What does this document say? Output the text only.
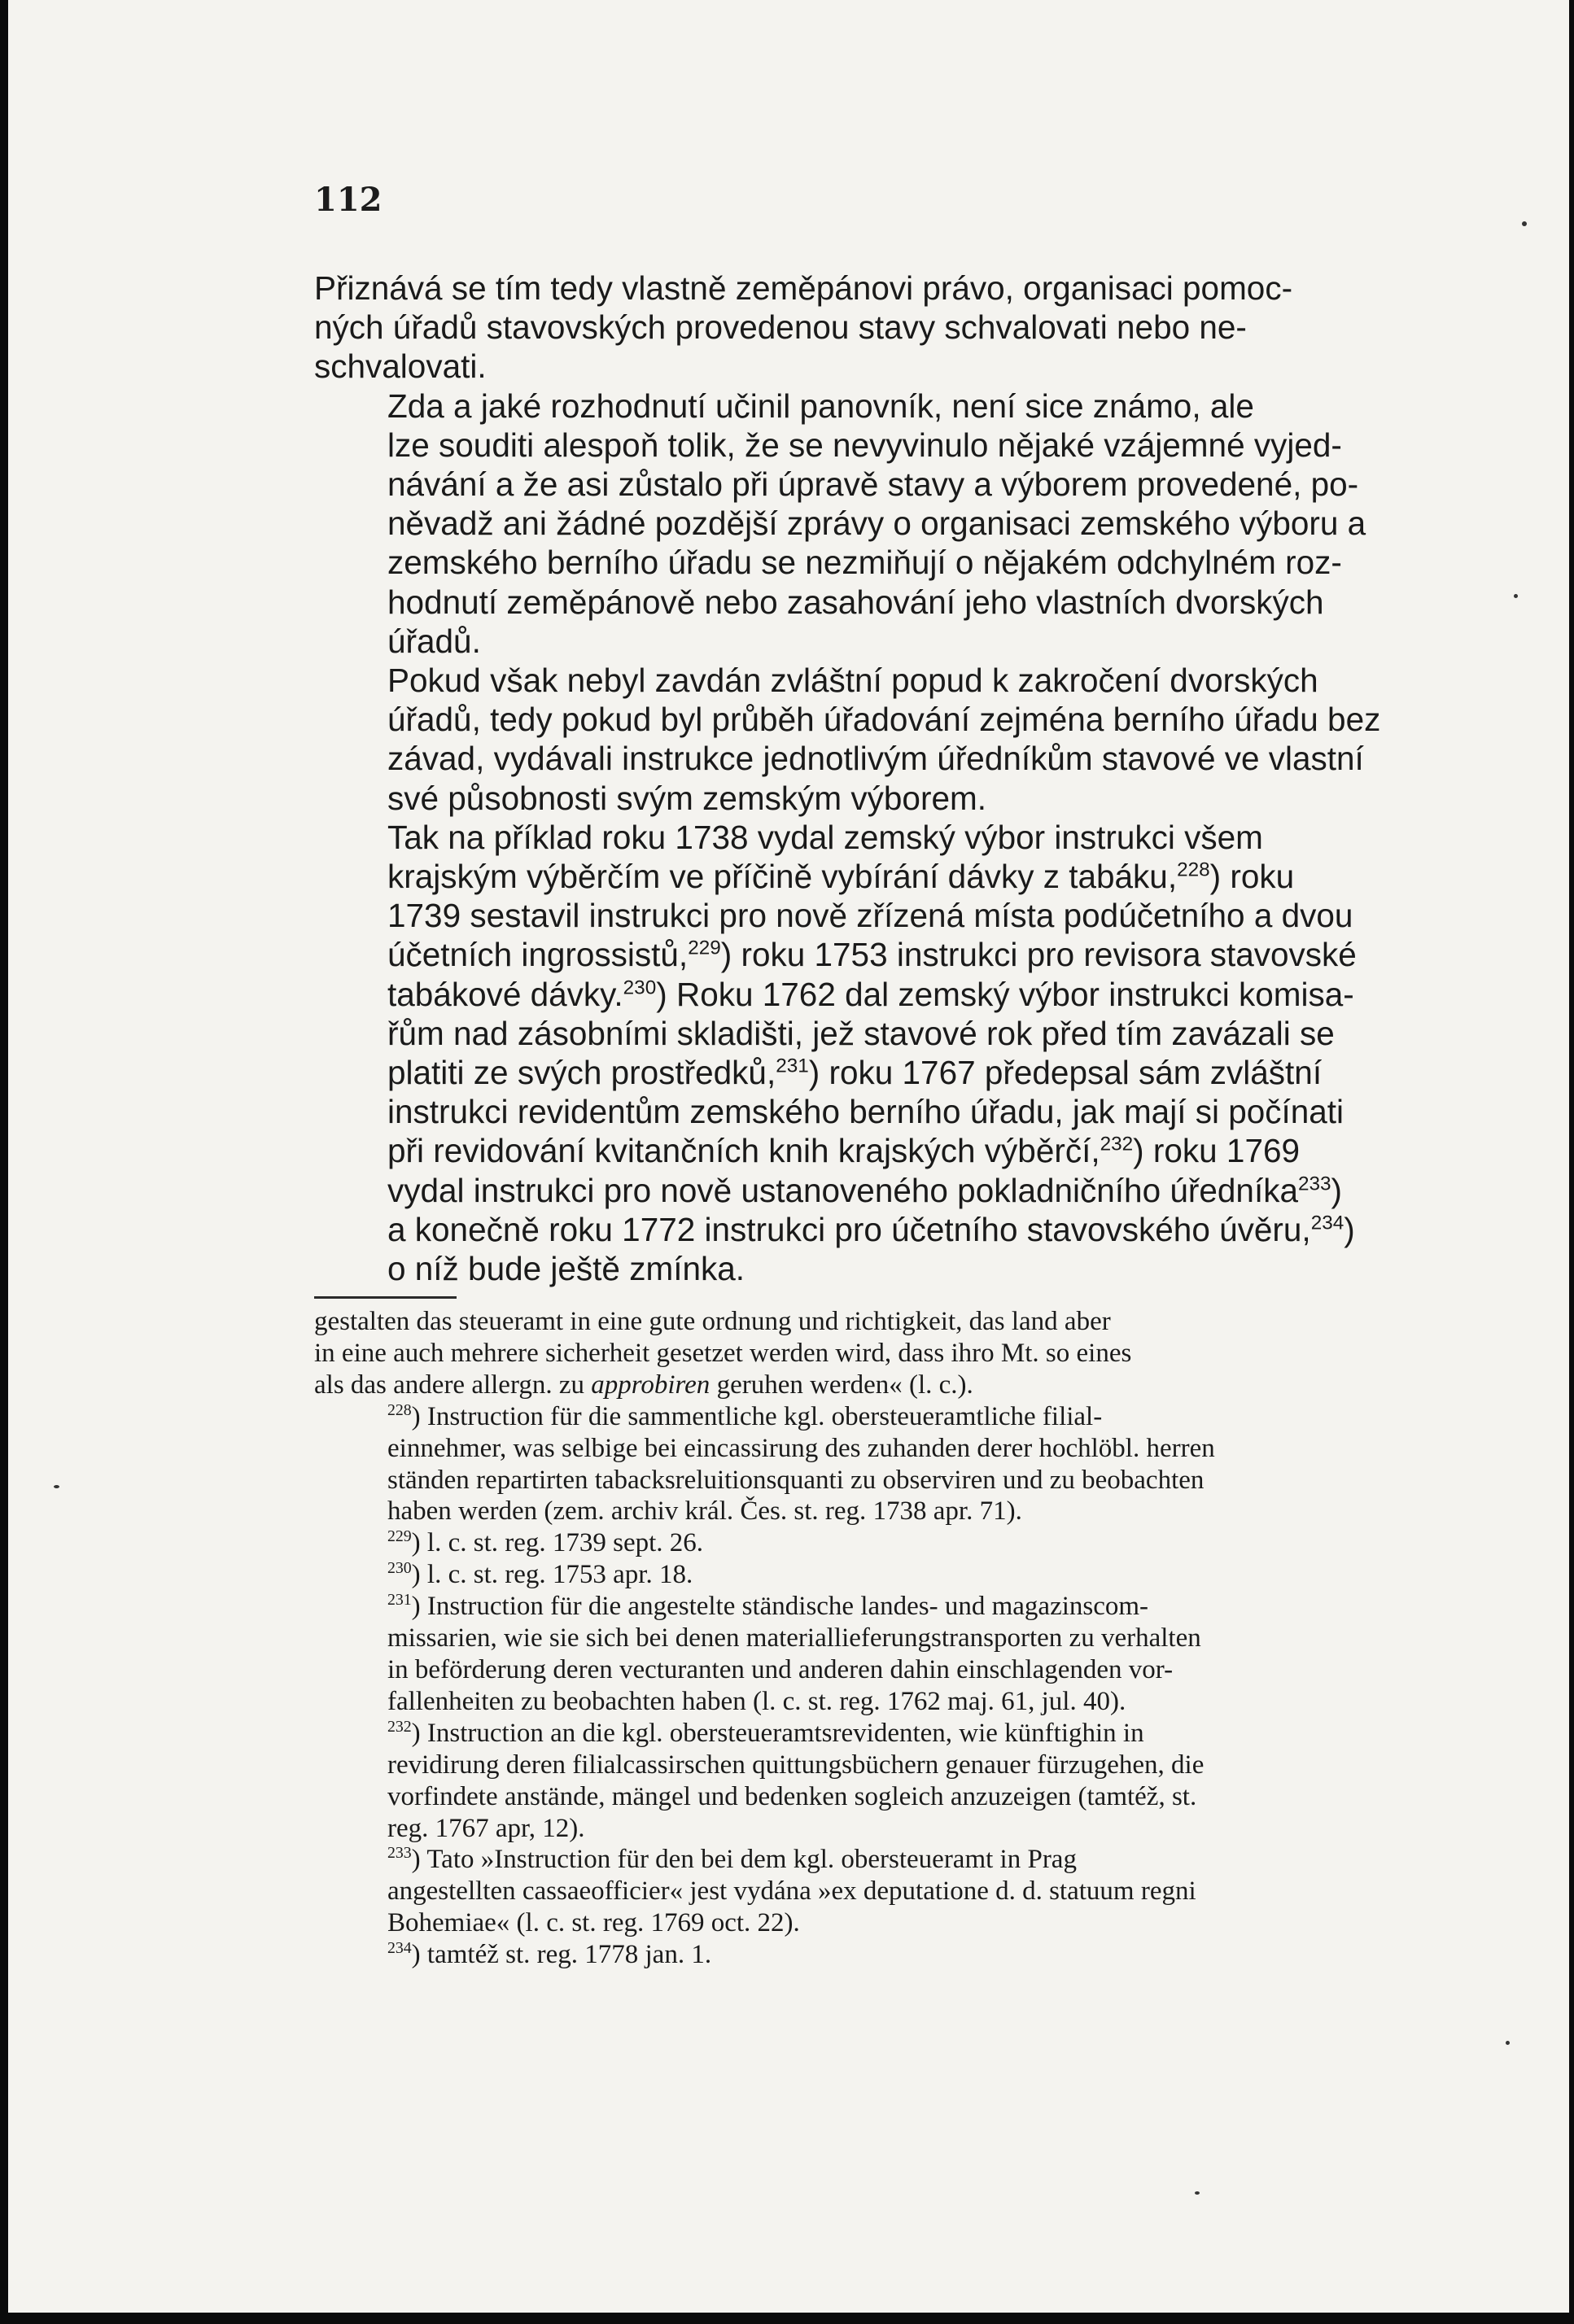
112

Přiznává se tím tedy vlastně zeměpánovi právo, organisaci pomoc-
ných úřadů stavovských provedenou stavy schvalovati nebo ne-
schvalovati.

Zda a jaké rozhodnutí učinil panovník, není sice známo, ale
lze souditi alespoň tolik, že se nevyvinulo nějaké vzájemné vyjed-
návání a že asi zůstalo při úpravě stavy a výborem provedené, po-
něvadž ani žádné pozdější zprávy o organisaci zemského výboru a
zemského berního úřadu se nezmiňují o nějakém odchylném roz-
hodnutí zeměpánově nebo zasahování jeho vlastních dvorských
úřadů.

Pokud však nebyl zavdán zvláštní popud k zakročení dvorských
úřadů, tedy pokud byl průběh úřadování zejména berního úřadu bez
závad, vydávali instrukce jednotlivým úředníkům stavové ve vlastní
své působnosti svým zemským výborem.

Tak na příklad roku 1738 vydal zemský výbor instrukci všem
krajským výběrčím ve příčině vybírání dávky z tabáku,$^{228}$) roku
1739 sestavil instrukci pro nově zřízená místa podúčetního a dvou
účetních ingrossistů,$^{229}$) roku 1753 instrukci pro revisora stavovské
tabákové dávky.$^{230}$) Roku 1762 dal zemský výbor instrukci komisa-
řům nad zásobními skladišti, jež stavové rok před tím zavázali se
platiti ze svých prostředků,$^{231}$) roku 1767 předepsal sám zvláštní
instrukci revidentům zemského berního úřadu, jak mají si počínati
při revidování kvitančních knih krajských výběrčí,$^{232}$) roku 1769
vydal instrukci pro nově ustanoveného pokladničního úředníka$^{233}$)
a konečně roku 1772 instrukci pro účetního stavovského úvěru,$^{234}$)
o níž bude ještě zmínka.

gestalten das steueramt in eine gute ordnung und richtigkeit, das land aber
in eine auch mehrere sicherheit gesetzet werden wird, dass ihro Mt. so eines
als das andere allergn. zu approbiren geruhen werden« (l. c.).

$^{228}$) Instruction für die sammentliche kgl. obersteueramtliche filial-
einnehmer, was selbige bei eincassirung des zuhanden derer hochlöbl. herren
ständen repartirten tabacksreluitionsquanti zu observiren und zu beobachten
haben werden (zem. archiv král. Čes. st. reg. 1738 apr. 71).

$^{229}$) l. c. st. reg. 1739 sept. 26.

$^{230}$) l. c. st. reg. 1753 apr. 18.

$^{231}$) Instruction für die angestelte ständische landes- und magazinscom-
missarien, wie sie sich bei denen materiallieferungstransporten zu verhalten
in beförderung deren vecturanten und anderen dahin einschlagenden vor-
fallenheiten zu beobachten haben (l. c. st. reg. 1762 maj. 61, jul. 40).

$^{232}$) Instruction an die kgl. obersteueramtsrevidenten, wie künftighin in
revidirung deren filialcassirschen quittungsbüchern genauer fürzugehen, die
vorfindete anstände, mängel und bedenken sogleich anzuzeigen (tamtéž, st.
reg. 1767 apr, 12).

$^{233}$) Tato »Instruction für den bei dem kgl. obersteueramt in Prag
angestellten cassaeofficier« jest vydána »ex deputatione d. d. statuum regni
Bohemiae« (l. c. st. reg. 1769 oct. 22).

$^{234}$) tamtéž st. reg. 1778 jan. 1.
